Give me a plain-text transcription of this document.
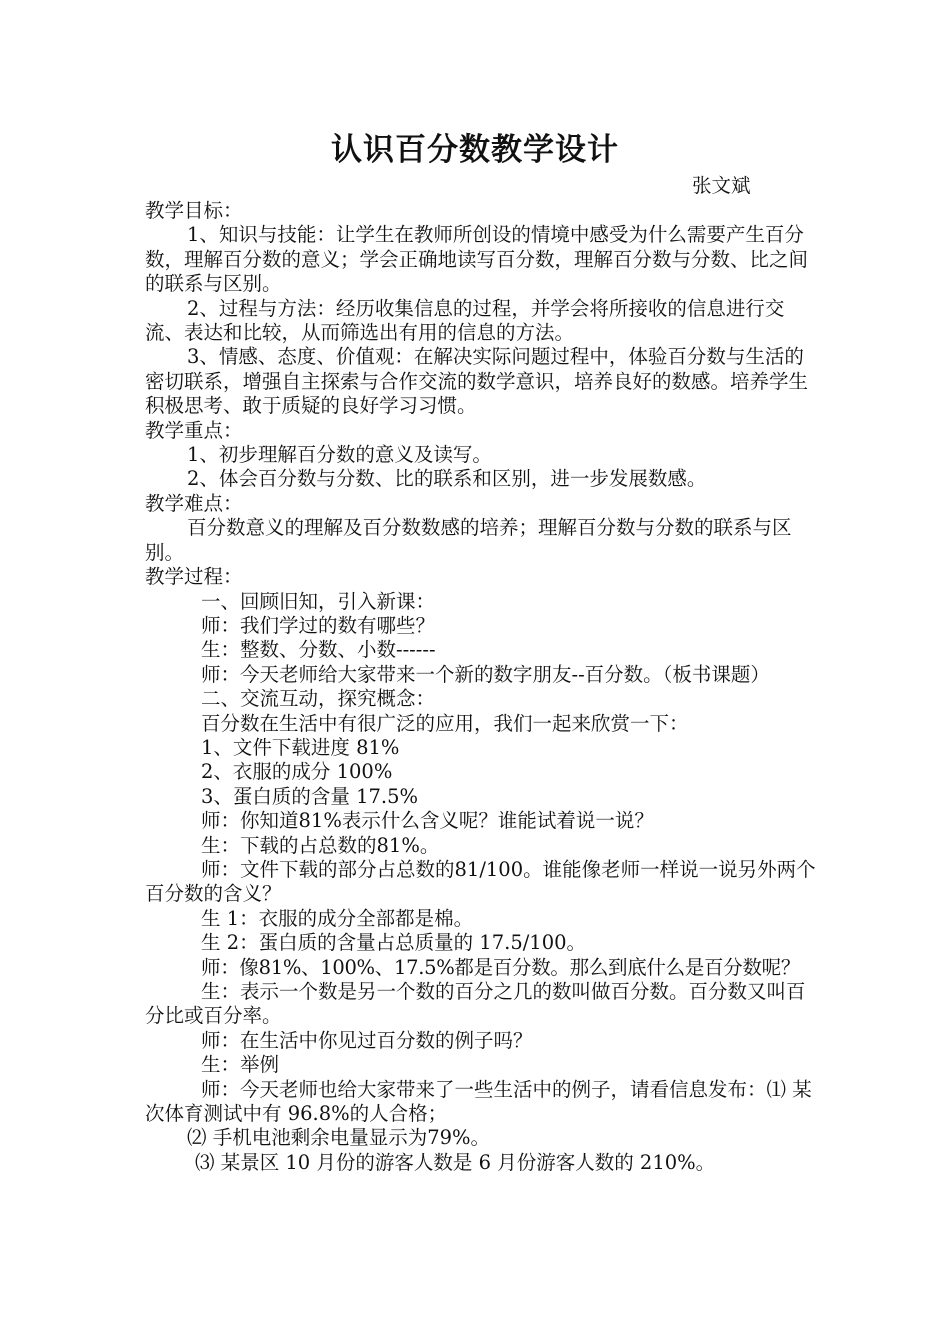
认识百分数教学设计
张文斌

教学目标：

1、知识与技能：让学生在教师所创设的情境中感受为什么需要产生百分数，理解百分数的意义；学会正确地读写百分数，理解百分数与分数、比之间的联系与区别。

2、过程与方法：经历收集信息的过程，并学会将所接收的信息进行交流、表达和比较，从而筛选出有用的信息的方法。

3、情感、态度、价值观：在解决实际问题过程中，体验百分数与生活的密切联系，增强自主探索与合作交流的数学意识，培养良好的数感。培养学生积极思考、敢于质疑的良好学习习惯。

教学重点：

1、初步理解百分数的意义及读写。

2、体会百分数与分数、比的联系和区别，进一步发展数感。

教学难点：

百分数意义的理解及百分数数感的培养；理解百分数与分数的联系与区别。

教学过程：

一、回顾旧知，引入新课：

师：我们学过的数有哪些？

生：整数、分数、小数------

师：今天老师给大家带来一个新的数字朋友--百分数。（板书课题）

二、交流互动，探究概念：

百分数在生活中有很广泛的应用，我们一起来欣赏一下：

1、文件下载进度 81%

2、衣服的成分 100%

3、蛋白质的含量 17.5%

师：你知道81%表示什么含义呢？谁能试着说一说？

生：下载的占总数的81%。

师：文件下载的部分占总数的81/100。谁能像老师一样说一说另外两个百分数的含义？

生 1：衣服的成分全部都是棉。

生 2：蛋白质的含量占总质量的 17.5/100。

师：像81%、100%、17.5%都是百分数。那么到底什么是百分数呢？

生：表示一个数是另一个数的百分之几的数叫做百分数。百分数又叫百分比或百分率。

师：在生活中你见过百分数的例子吗？

生：举例

师：今天老师也给大家带来了一些生活中的例子，请看信息发布：⑴ 某次体育测试中有 96.8%的人合格；

⑵ 手机电池剩余电量显示为79%。

⑶ 某景区 10 月份的游客人数是 6 月份游客人数的 210%。
